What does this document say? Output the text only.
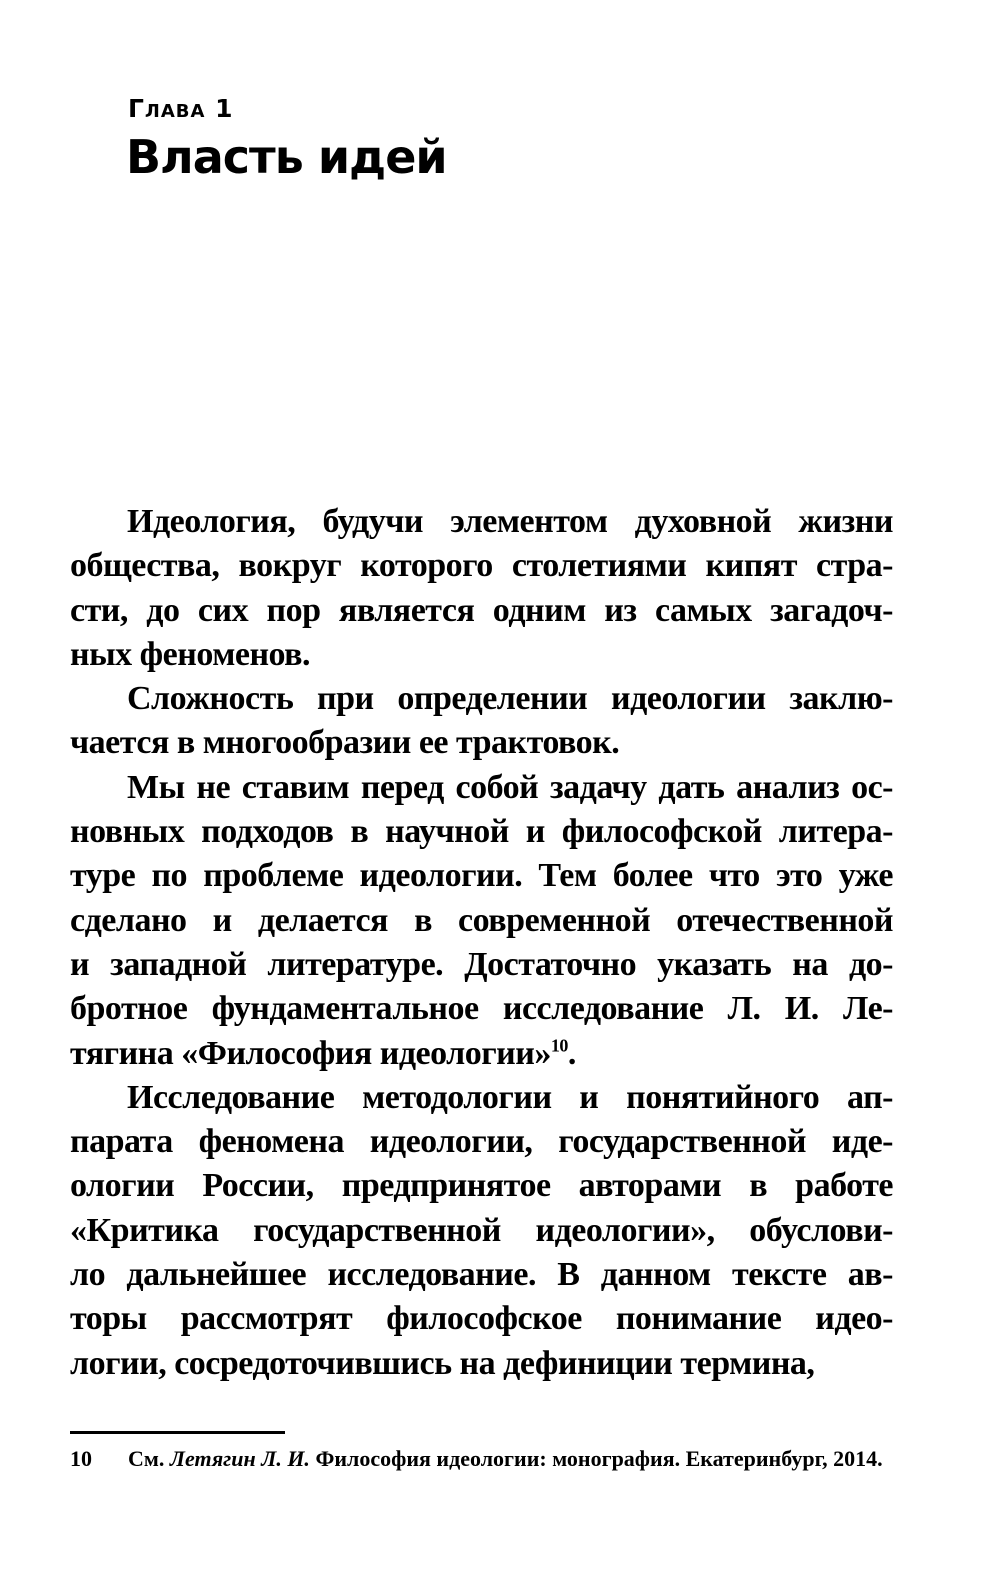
Глава 1
Власть идей
Идеология, будучи элементом духовной жизни
общества, вокруг которого столетиями кипят стра-
сти, до сих пор является одним из самых загадоч-
ных феноменов.
Сложность при определении идеологии заклю-
чается в многообразии ее трактовок.
Мы не ставим перед собой задачу дать анализ ос-
новных подходов в научной и философской литера-
туре по проблеме идеологии. Тем более что это уже
сделано и делается в современной отечественной
и западной литературе. Достаточно указать на до-
бротное фундаментальное исследование Л. И. Ле-
тягина «Философия идеологии»$^{10}$.
Исследование методологии и понятийного ап-
парата феномена идеологии, государственной иде-
ологии России, предпринятое авторами в работе
«Критика государственной идеологии», обуслови-
ло дальнейшее исследование. В данном тексте ав-
торы рассмотрят философское понимание идео-
логии, сосредоточившись на дефиниции термина,
10 См. Летягин Л. И. Философия идеологии: монография. Екатеринбург, 2014.
